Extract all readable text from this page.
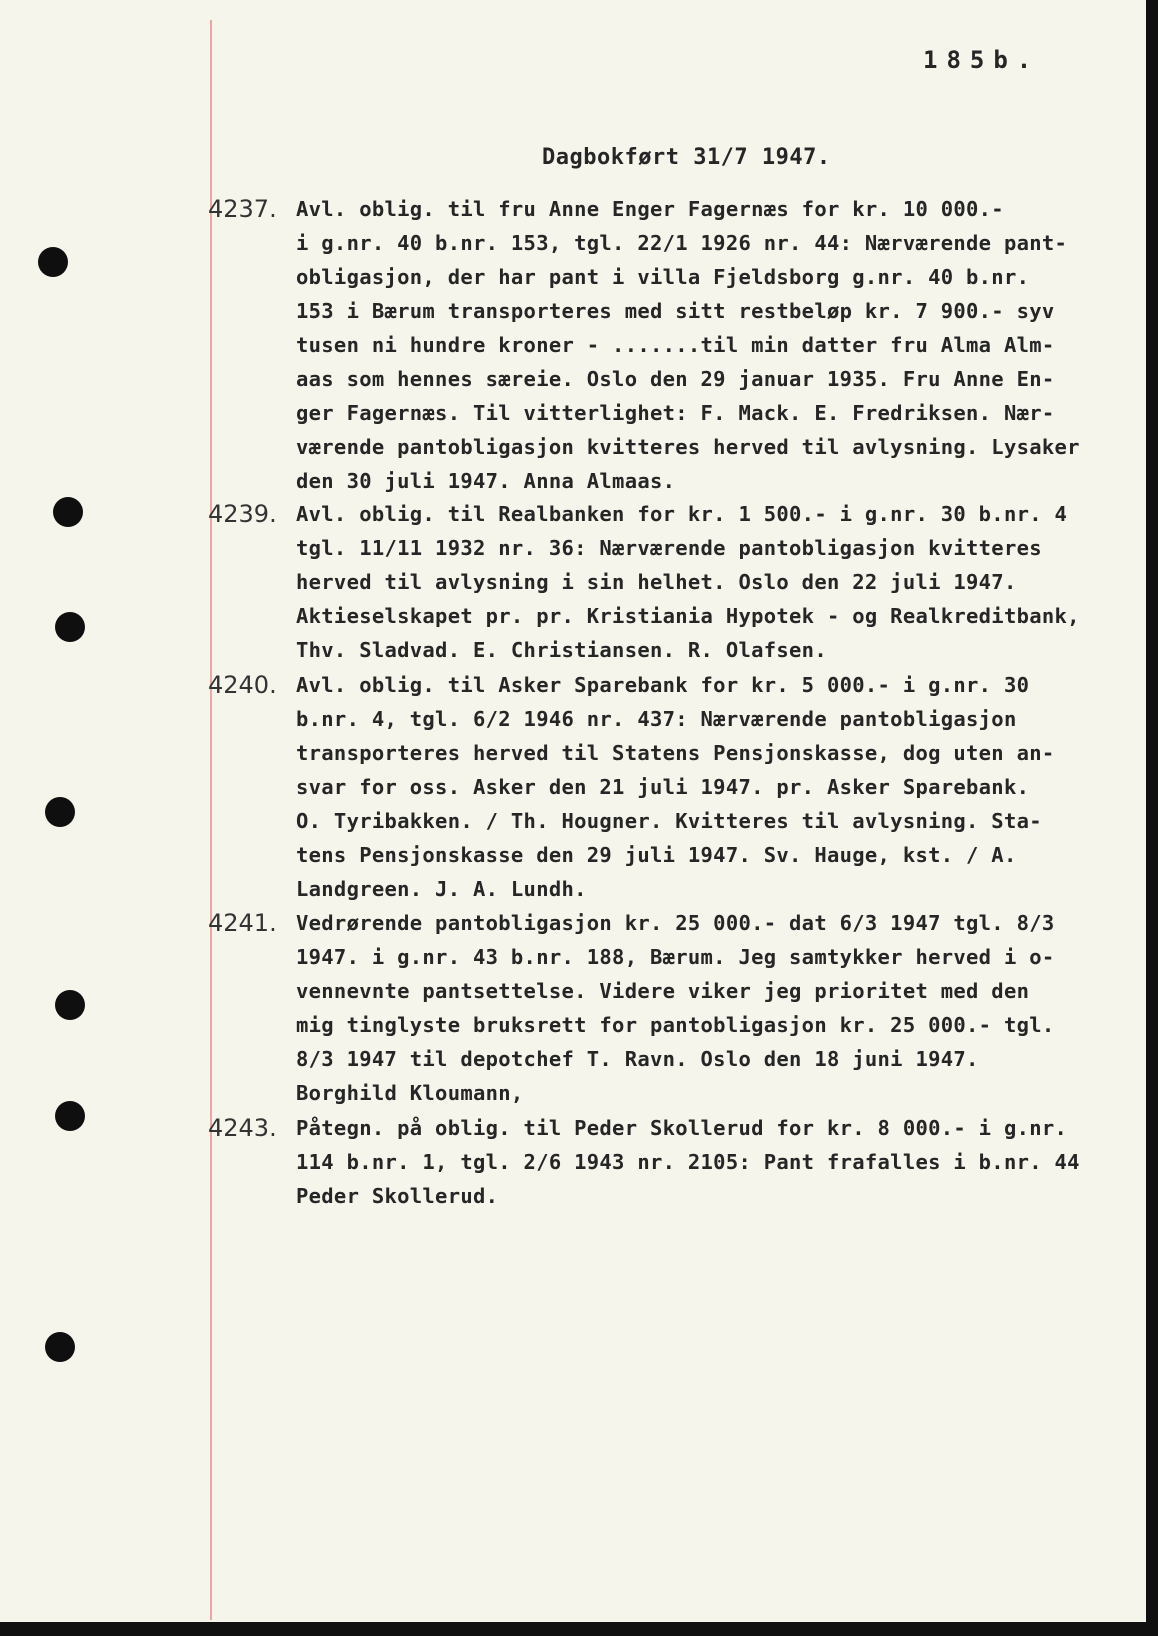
185b.
Dagbokført 31/7 1947.
4237. Avl. oblig. til fru Anne Enger Fagernæs for kr. 10 000.-
i g.nr. 40 b.nr. 153, tgl. 22/1 1926 nr. 44: Nærværende pant-
obligasjon, der har pant i villa Fjeldsborg g.nr. 40 b.nr.
153 i Bærum transporteres med sitt restbeløp kr. 7 900.- syv
tusen ni hundre kroner - .......til min datter fru Alma Alm-
aas som hennes særeie. Oslo den 29 januar 1935. Fru Anne En-
ger Fagernæs. Til vitterlighet: F. Mack. E. Fredriksen. Nær-
værende pantobligasjon kvitteres herved til avlysning. Lysaker
den 30 juli 1947. Anna Almaas.
4239. Avl. oblig. til Realbanken for kr. 1 500.- i g.nr. 30 b.nr. 4
tgl. 11/11 1932 nr. 36: Nærværende pantobligasjon kvitteres
herved til avlysning i sin helhet. Oslo den 22 juli 1947.
Aktieselskapet pr. pr. Kristiania Hypotek - og Realkreditbank,
Thv. Sladvad. E. Christiansen. R. Olafsen.
4240. Avl. oblig. til Asker Sparebank for kr. 5 000.- i g.nr. 30
b.nr. 4, tgl. 6/2 1946 nr. 437: Nærværende pantobligasjon
transporteres herved til Statens Pensjonskasse, dog uten an-
svar for oss. Asker den 21 juli 1947. pr. Asker Sparebank.
O. Tyribakken. / Th. Hougner. Kvitteres til avlysning. Sta-
tens Pensjonskasse den 29 juli 1947. Sv. Hauge, kst. / A.
Landgreen. J. A. Lundh.
4241. Vedrørende pantobligasjon kr. 25 000.- dat 6/3 1947 tgl. 8/3
1947. i g.nr. 43 b.nr. 188, Bærum. Jeg samtykker herved i o-
vennevnte pantsettelse. Videre viker jeg prioritet med den
mig tinglyste bruksrett for pantobligasjon kr. 25 000.- tgl.
8/3 1947 til depotchef T. Ravn. Oslo den 18 juni 1947.
Borghild Kloumann,
4243. Påtegn. på oblig. til Peder Skollerud for kr. 8 000.- i g.nr.
114 b.nr. 1, tgl. 2/6 1943 nr. 2105: Pant frafalles i b.nr. 44
Peder Skollerud.
